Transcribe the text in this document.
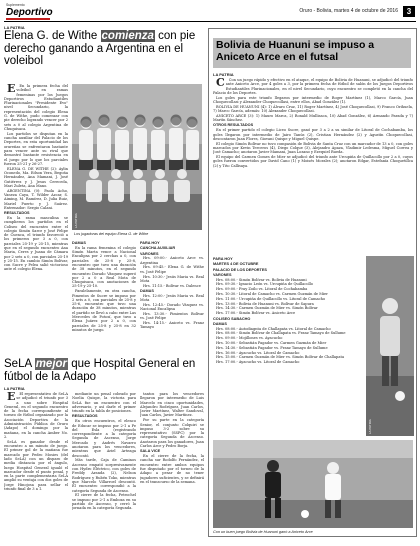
Suplemento
Deportivo	Oruro - Bolivia, martes 4 de octubre de 2016	3
LA PATRIA
Elena G. de Withe comienza con pie derecho ganando a Argentina en el voleibol

E En la primera fecha del voleibol en ramas femeninas por los Juegos Deportivos Estudiantiles Plurinacionales "Presidente Evo" nivel Secundario, la representación del colegio Elena G. de Withe, pudo comenzar con pie derecho logrando vencer por 2 sets a 0 al colegio Argentina de Chuquisaca.

Los partidos se disputan en la cancha auxiliar del Palacio de los Deportes, en esta oportunidad las orureñas se enfrentaron bastante para vencer ante su rival que demostró bastante resistencia en el juego por lo que los parciales fueron 25-21 y 26-27.

ELENA G. DE WITHE (2): Aylin Oconedo, Ma. Edson Vera, Begoña Hernández, Ana Mamani, J. José Gutiérrez y J. Jesus Cereceda, Mari Zuleta, Ana Mano.

ARGENTINA (0): Paola Acho, Vaneza Caya, T. Wilder Azcar, S. Aiming, M. Ramírez, D. Julia Ruiz, Mariel Puerto y J. Suárez. Entrenador: Sergio Calani.

RESULTADOS

En la rama masculina se cumplieron los partidos en el Coliseo del encuentro entre el colegio Simón Sarce y José Felipe de Cuenca, el triunfo favoreció a los primeros por 3 a 0, con parciales 25-19 y 25-15, mientras que en el segundo encuentro Ana Maria, Ceres y Juana de Cámara por 2 sets a 0, con parciales 25-19 y 25-15. En cambio Simón Bolívar, con Sucre y Pelea salió victorioso ante el colegio Elena.

LA PATRIA
Los jugadoras del equipo Elena G. de Withe

DAMAS

En la rama femenina el colegio Simón Marta vence a Nacional Encalipsa por 2 cerchas a 0, con parciales de 25-8 y 25-8, encuentro que tuvo una duración de 38 minutos, en el segundo encuentro Dorado Vásquez superó por 2 a 0 a Real Mota de Chuquisaca, con anotaciones de 25-19 y 25-10.

Paralelamente, en otra cancha, Pimentos de Sucre se impuso por 2 sets a 0, con parciales de 25-8 y 25-6, encuentro que tuvo una duración de 38 minutos, mientras el partido se llevó a cabo entre Las Mercedes de Potosí, que tuvo a Elena Juárez por 2 a 0, con parciales de 25-8 y 25-8 en 32 minutos de juego.

PARA HOY

CANCHA AUXILIAR

VARONES

Hrs. 09:00.- Aniceto Arce vs. Argentina

Hrs. 09:45.- Elena G. de Withe vs. José Felipe

Hrs. 10:30.- Jesús Maria vs. Real Mota

Hrs. 11:15.- Bolívar vs. Dalence

DAMAS

Hrs. 12:00.- Jesús Maria vs. Real Mota

Hrs. 12:45.- Dorado Vásquez vs. Nacional Encalipsa

Hrs. 13:30.- Pimientos Bolívar vs. José Felipe

Hrs. 14:15.- Aniceto vs. Franz Tamayo

SeLA mejor que Hospital General en fútbol de la Adapo
LA PATRIA

E El representativo de SeLA se adjudicó el triunfo por 3 a uno sobre Hospital General, en el segundo encuentro de la fecha correspondiente al torneo de fútbol organizado por la Asociación Deportiva de la Administración Pública de Oruro (Adapo) el domingo por la mañana, en la cancha Amber No. 2.

SeLA es ganador desde el encuentro a un minuto de juego. El primer gol de la mañana fue marcado por Pedro Mosies (del lado SeLA) con un disparo de media distancia por el ángulo, luego Hospital General igualó el marcador desde el punto penal, y en la parte complementaria SeLA amplió su ventaja con dos goles de Jorge Hinojosa para sellar el triunfo final de 3 a 1.

mediante un penal cobrado por Noelia Quispe, la victoria para SeLA fue un encuentro con el adversario, y así darle el primer triunfo en la tabla de posiciones.

RESULTADOS

En otros encuentros, el elenco de Educar se impuso por 2-1 a Fe del Esla (registrando correspondiente a la categoría Segunda de Ascenso, Jorge Mercado y Andrés Navarro anotaron para los vencedores, mientras que Ariel Arteaga descontó.

Más tarde, Caja de Caminos Ascenso empató sorpresivamente con Hydro Eléctrico, con goles de Freddy Aranda (2), Nelson Rodríguez y Rubén Toko, mientras que Marcelo Villarroel descontó. El encuentro correspondió a la categoría Segunda de Ascenso.

El cierre de la fecha, Petrochel se impuso por 2-1 a Emboza en su partido de Ascenso, y cerró la jornada en la categoría Segunda.

tantos para los vencedores llegaron por intermedio de Luis Marcelo en cinco oportunidades, Alejandro Rodríguez, Juan Carlos, Javier Martínez, Walter Sandoval, Juan Carlos, Javier Martínez.

Por su parte en la categoría Senior, el conjunto Colquiri se impuso 3-2 sobre su representativo (SSPC) por la categoría Segunda de Ascenso. Anotaron para los ganadores, Juan Carlos Arce y Pedro Borja.

SALA VICE

En el cierre de la fecha, la cancha sur Rodolfo Fernández, el encuentro entre ambos equipos fue disputado por el torneo de la Adapo a pesar de no tener jugadores suficientes, y se definirá en el transcurso de la semana.

Bolivia de Huanuni se impuso a Aniceto Arce en el futsal
LA PATRIA

C Con un juego rápido y efectivo en el ataque, el equipo de Bolivia de Huanuni, se adjudicó del triunfo ante Aniceto Arce, por 4 goles a 3, por la primera fecha de fútbol de salón de los Juegos Deportivos Estudiantiles Plurinacionales, en el nivel Secundario, cuyo encuentro se completó en la cancha del Palacio de los Deportes.

Los goles para este triunfo llegaron por intermedio de Roger Martínez (1), Marco García, Juan Choquecollasi y Alexander Choquecollasi, entre ellos, Abad González (1).

BOLIVIA DE HUANUNI (4): 1) Álvaro Cruz, 11) Roger Martínez, 4) José Choquecollasi, 9) Franco Orihuela, 7) Marco García, además: 10) Alexander Choquecollasi.

ANICETO ARCE (3): 1) Mauro Marca, 2) Ronald Mullisaca, 10) Abad González, 6) Armando Parada y 7) Martín Sánchez.

OTROS RESULTADOS

En el primer partido el colegio Liceo Sucre, ganó por 3 a 2 a su similar de Litoral de Cochabamba, los goles llegaron por intermedio de Jairo Tanús (2), Cristian Hernández (2) y Agustín Choquecollasi, descontaron Juan Flores, Giovani Quispe y Miguel Quispe.

El colegio Simón Bolívar no tuvo compasión de Bolivia de Santa Cruz con un marcador de 13 a 0, con goles marcados por Kevin Terceros (4), Diego Colque (3), Alejandro Apaza, Vladimir Ledesma, Miguel Correa y José Camacho; anotaron Javier Mamani, Juan Lozano y Ezequiel Rueda.

El equipo del Carmen Gomes de Mier se adjudicó del triunfo ante Urcupiña de Quillacollo por 2 a 0, cuyos goles fueron convertidos por David Cano (1) y Moisés Morales (2); anotaron Edgar, Estefanía Choquetillca (2) y Tito Callisaya.

PARA HOY

MARTES 4 DE OCTUBRE

PALACIO DE LOS DEPORTES

VARONES

Hrs. 08:00.- Simón Bolívar vs. Bolivia de Huanuni

Hrs. 09:30.- Ignacio León vs. Urcupiña de Quillacollo

Hrs. 09:00.- Fray Zoilo vs. Litoral de Cochabamba

Hrs. 10:30.- Litoral de Camacho vs. Carmen Guzmán de Mier

Hrs. 11:00.- Urcupiña de Quillacollo vs. Litoral de Camacho

Hrs. 13:00.- Bolivia de Huanuni vs. Bolívar de Sapura

Hrs. 14:30.- Carmen Guzmán de Mier vs. Simón Bolívar

Hrs. 17:00.- Simón Bolívar vs. Aniceto Arce

COLISEO SABACHO

DAMAS

Hrs. 08:00.- Autodiagnta de Challapata vs. Litoral de Camacho

Hrs. 08:00.- Simón Bolívar de Challapata vs. Franz Tamayo de Sullume

Hrs. 09:00.- Mojillones vs. Ayacucho

Hrs. 10:00.- Sebastián Pagador vs. Carmen Guzmán de Mier

Hrs. 14:30.- Sebastián Pagador vs. Franz Tamayo de Sullume

Hrs. 16:00.- Ayacucho vs. Litoral de Camacho

Hrs. 15:00.- Carmen Guzmán de Mier vs. Simón Bolívar de Challapata

Hrs. 17:00.- Ayacucho vs. Litoral de Camacho

LA PATRIA
Con un buen juego Bolivia de Huanuni ganó a Aniceto Arce
